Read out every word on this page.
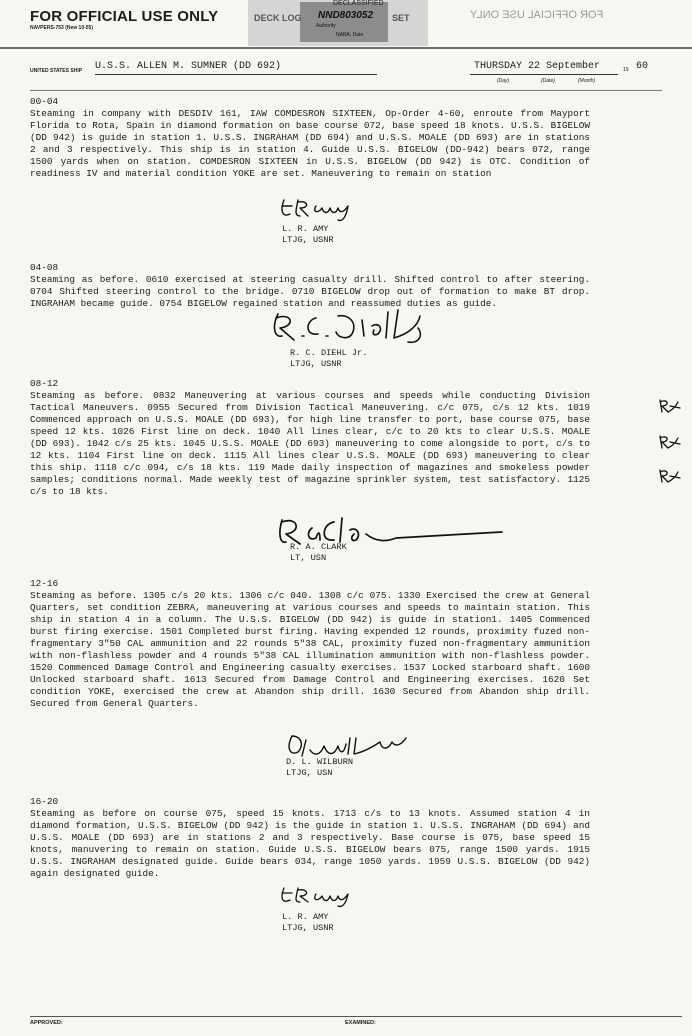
FOR OFFICIAL USE ONLY
NAVPERS-753 (New 10-55)
DECLASSIFIED
NND803052
Authority
NARA, Date
DECK LOG	SET	FOR OFFICIAL USE ONLY
UNITED STATES SHIP U.S.S. ALLEN M. SUMNER (DD 692)	THURSDAY 22 September	19 60
(Day)	(Date)	(Month)
00-04
Steaming in company with DESDIV 161, IAW COMDESRON SIXTEEN, Op-Order 4-60, enroute from Mayport Florida to Rota, Spain in diamond formation on base course 072, base speed 18 knots. U.S.S. BIGELOW (DD 942) is guide in station 1. U.S.S. INGRAHAM (DD 694) and U.S.S. MOALE (DD 693) are in stations 2 and 3 respectively. This ship is in station 4. Guide U.S.S. BIGELOW (DD-942) bears 072, range 1500 yards when on station. COMDESRON SIXTEEN in U.S.S. BIGELOW (DD 942) is OTC. Condition of readiness IV and material condition YOKE are set. Maneuvering to remain on station
L. R. AMY
LTJG, USNR
04-08
Steaming as before. 0610 exercised at steering casualty drill. Shifted control to after steering. 0704 Shifted steering control to the bridge. 0710 BIGELOW drop out of formation to make BT drop. INGRAHAM became guide. 0754 BIGELOW regained station and reassumed duties as guide.
R. C. DIEHL Jr.
LTJG, USNR
08-12
Steaming as before. 0832 Maneuvering at various courses and speeds while conducting Division Tactical Maneuvers. 0955 Secured from Division Tactical Maneuvering. c/c 075, c/s 12 kts. 1019 Commenced approach on U.S.S. MOALE (DD 693), for high line transfer to port, base course 075, base speed 12 kts. 1026 First line on deck. 1040 All lines clear, c/c to 20 kts to clear U.S.S. MOALE (DD 693). 1042 c/s 25 kts. 1045 U.S.S. MOALE (DD 693) maneuvering to come alongside to port, c/s to 12 kts. 1104 First line on deck. 1115 All lines clear U.S.S. MOALE (DD 693) maneuvering to clear this ship. 1118 c/c 094, c/s 18 kts. 119 Made daily inspection of magazines and smokeless powder samples; conditions normal. Made weekly test of magazine sprinkler system, test satisfactory. 1125 c/s to 18 kts.
R. A. CLARK
LT, USN
12-16
Steaming as before. 1305 c/s 20 kts. 1306 c/c 040. 1308 c/c 075. 1330 Exercised the crew at General Quarters, set condition ZEBRA, maneuvering at various courses and speeds to maintain station. This ship in station 4 in a column. The U.S.S. BIGELOW (DD 942) is guide in station1. 1405 Commenced burst firing exercise. 1501 Completed burst firing. Having expended 12 rounds, proximity fuzed non-fragmentary 3"50 CAL ammunition and 22 rounds 5"38 CAL, proximity fuzed non-fragmentary ammunition with non-flashless powder and 4 rounds 5"38 CAL illumination ammunition with non-flashless powder. 1520 Commenced Damage Control and Engineering casualty exercises. 1537 Locked starboard shaft. 1600 Unlocked starboard shaft. 1613 Secured from Damage Control and Engineering exercises. 1620 Set condition YOKE, exercised the crew at Abandon ship drill. 1630 Secured from Abandon ship drill. Secured from General Quarters.
D. L. WILBURN
LTJG, USN
16-20
Steaming as before on course 075, speed 15 knots. 1713 c/s to 13 knots. Assumed station 4 in diamond formation, U.S.S. BIGELOW (DD 942) is the guide in station 1. U.S.S. INGRAHAM (DD 694) and U.S.S. MOALE (DD 693) are in stations 2 and 3 respectively. Base course is 075, base speed 15 knots, manuvering to remain on station. Guide U.S.S. BIGELOW bears 075, range 1500 yards. 1915 U.S.S. INGRAHAM designated guide. Guide bears 034, range 1050 yards. 1959 U.S.S. BIGELOW (DD 942) again designated guide.
L. R. AMY
LTJG, USNR
APPROVED:	EXAMINED:
